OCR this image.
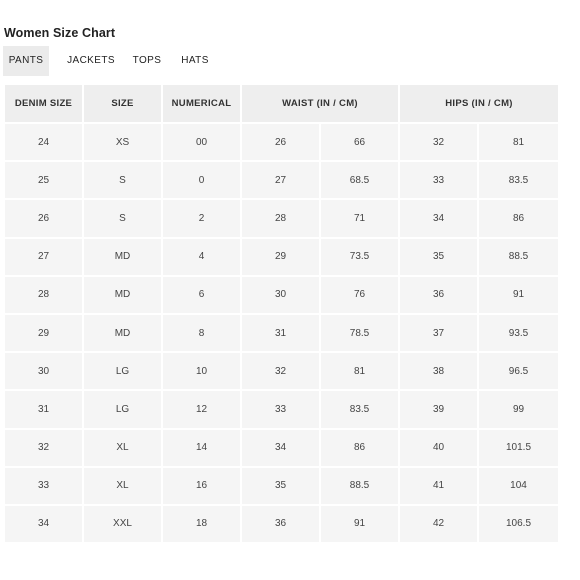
Women Size Chart
PANTS	JACKETS	TOPS	HATS
DENIM SIZE	SIZE	NUMERICAL	WAIST (IN / CM)		HIPS (IN / CM)	
24	XS	00	26	66	32	81
25	S	0	27	68.5	33	83.5
26	S	2	28	71	34	86
27	MD	4	29	73.5	35	88.5
28	MD	6	30	76	36	91
29	MD	8	31	78.5	37	93.5
30	LG	10	32	81	38	96.5
31	LG	12	33	83.5	39	99
32	XL	14	34	86	40	101.5
33	XL	16	35	88.5	41	104
34	XXL	18	36	91	42	106.5
